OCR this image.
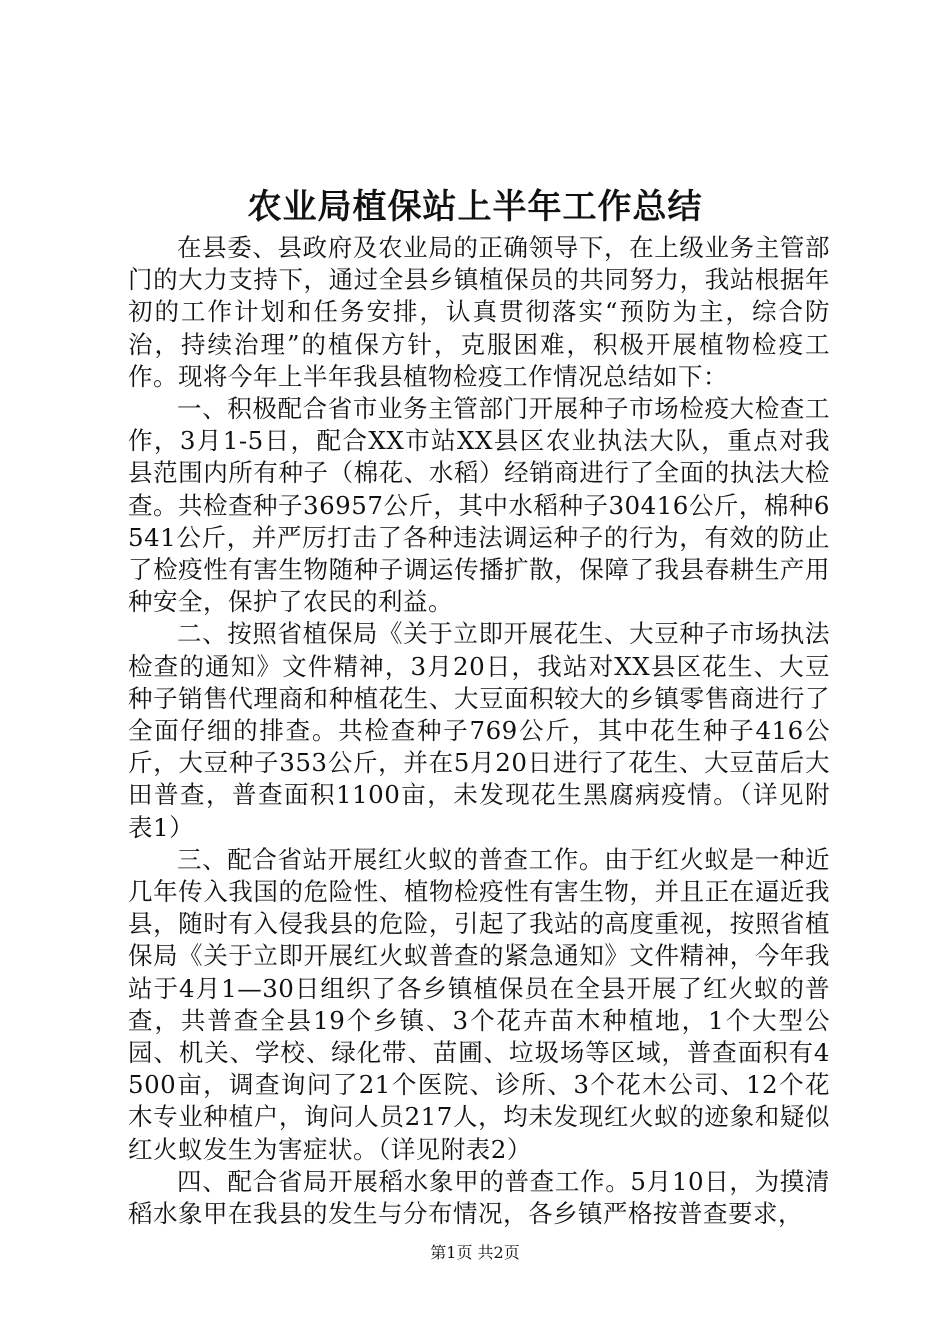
农业局植保站上半年工作总结

在县委、县政府及农业局的正确领导下，在上级业务主管部门的大力支持下，通过全县乡镇植保员的共同努力，我站根据年初的工作计划和任务安排，认真贯彻落实“预防为主，综合防治，持续治理”的植保方针，克服困难，积极开展植物检疫工作。现将今年上半年我县植物检疫工作情况总结如下：

一、积极配合省市业务主管部门开展种子市场检疫大检查工作，3月1-5日，配合XX市站XX县区农业执法大队，重点对我县范围内所有种子（棉花、水稻）经销商进行了全面的执法大检查。共检查种子36957公斤，其中水稻种子30416公斤，棉种6541公斤，并严厉打击了各种违法调运种子的行为，有效的防止了检疫性有害生物随种子调运传播扩散，保障了我县春耕生产用种安全，保护了农民的利益。

二、按照省植保局《关于立即开展花生、大豆种子市场执法检查的通知》文件精神，3月20日，我站对XX县区花生、大豆种子销售代理商和种植花生、大豆面积较大的乡镇零售商进行了全面仔细的排查。共检查种子769公斤，其中花生种子416公斤，大豆种子353公斤，并在5月20日进行了花生、大豆苗后大田普查，普查面积1100亩，未发现花生黑腐病疫情。（详见附表1）

三、配合省站开展红火蚁的普查工作。由于红火蚁是一种近几年传入我国的危险性、植物检疫性有害生物，并且正在逼近我县，随时有入侵我县的危险，引起了我站的高度重视，按照省植保局《关于立即开展红火蚁普查的紧急通知》文件精神，今年我站于4月1—30日组织了各乡镇植保员在全县开展了红火蚁的普查，共普查全县19个乡镇、3个花卉苗木种植地，1个大型公园、机关、学校、绿化带、苗圃、垃圾场等区域，普查面积有4500亩，调查询问了21个医院、诊所、3个花木公司、12个花木专业种植户，询问人员217人，均未发现红火蚁的迹象和疑似红火蚁发生为害症状。（详见附表2）

四、配合省局开展稻水象甲的普查工作。5月10日，为摸清稻水象甲在我县的发生与分布情况，各乡镇严格按普查要求，

第1页 共2页
